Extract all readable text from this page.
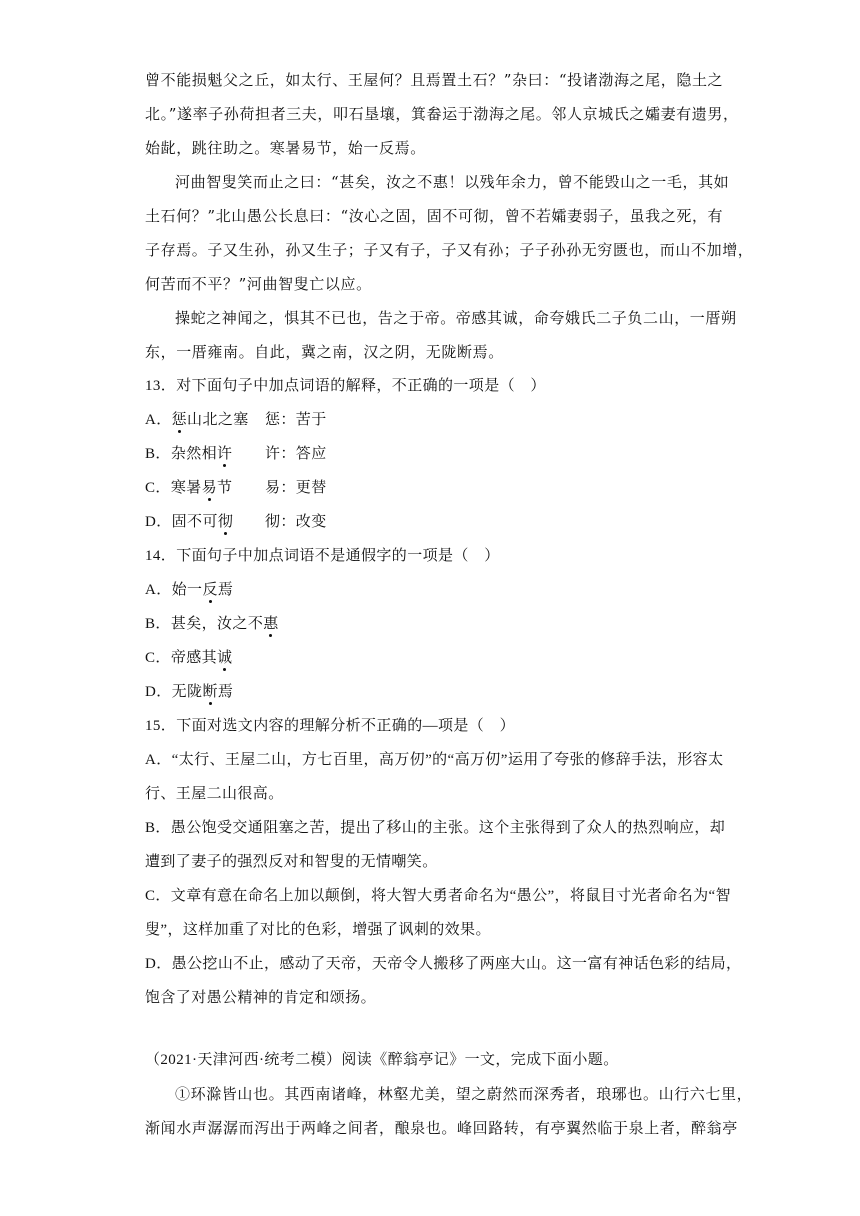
曾不能损魁父之丘，如太行、王屋何？且焉置土石？”杂曰：“投诸渤海之尾，隐土之
北。”遂率子孙荷担者三夫，叩石垦壤，箕畚运于渤海之尾。邻人京城氏之孀妻有遗男，
始龀，跳往助之。寒暑易节，始一反焉。
河曲智叟笑而止之曰：“甚矣，汝之不惠！以残年余力，曾不能毁山之一毛，其如
土石何？”北山愚公长息曰：“汝心之固，固不可彻，曾不若孀妻弱子，虽我之死，有
子存焉。子又生孙，孙又生子；子又有子，子又有孙；子子孙孙无穷匮也，而山不加增，
何苦而不平？”河曲智叟亡以应。
操蛇之神闻之，惧其不已也，告之于帝。帝感其诚，命夸娥氏二子负二山，一厝朔
东，一厝雍南。自此，冀之南，汉之阴，无陇断焉。
13．对下面句子中加点词语的解释，不正确的一项是（　）
A．惩山北之塞 惩：苦于
B．杂然相许 许：答应
C．寒暑易节 易：更替
D．固不可彻 彻：改变
14．下面句子中加点词语不是通假字的一项是（　）
A．始一反焉
B．甚矣，汝之不惠
C．帝感其诚
D．无陇断焉
15．下面对选文内容的理解分析不正确的—项是（　）
A．“太行、王屋二山，方七百里，高万仞”的“高万仞”运用了夸张的修辞手法，形容太
行、王屋二山很高。
B．愚公饱受交通阻塞之苦，提出了移山的主张。这个主张得到了众人的热烈响应，却
遭到了妻子的强烈反对和智叟的无情嘲笑。
C．文章有意在命名上加以颠倒，将大智大勇者命名为“愚公”，将鼠目寸光者命名为“智
叟”，这样加重了对比的色彩，增强了讽刺的效果。
D．愚公挖山不止，感动了天帝，天帝令人搬移了两座大山。这一富有神话色彩的结局，
饱含了对愚公精神的肯定和颂扬。
（2021·天津河西·统考二模）阅读《醉翁亭记》一文，完成下面小题。
①环滁皆山也。其西南诸峰，林壑尤美，望之蔚然而深秀者，琅琊也。山行六七里，
渐闻水声潺潺而泻出于两峰之间者，酿泉也。峰回路转，有亭翼然临于泉上者，醉翁亭
